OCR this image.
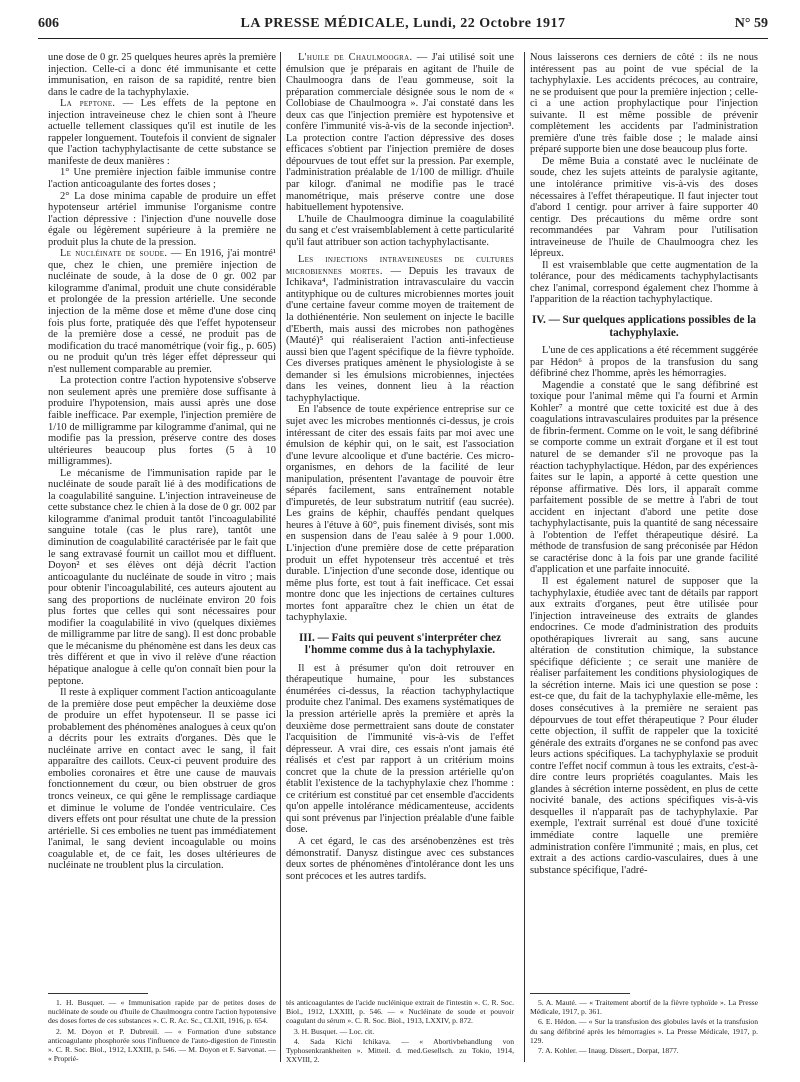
606	LA PRESSE MÉDICALE, Lundi, 22 Octobre 1917	N° 59

une dose de 0 gr. 25 quelques heures après la première injection. Celle-ci a donc été immunisante et cette immunisation, en raison de sa rapidité, rentre bien dans le cadre de la tachyphylaxie.

La peptone. — Les effets de la peptone en injection intraveineuse chez le chien sont à l'heure actuelle tellement classiques qu'il est inutile de les rappeler longuement. Toutefois il convient de signaler que l'action tachyphylactisante de cette substance se manifeste de deux manières :

1° Une première injection faible immunise contre l'action anticoagulante des fortes doses ;

2° La dose minima capable de produire un effet hypotenseur artériel immunise l'organisme contre l'action dépressive : l'injection d'une nouvelle dose égale ou légèrement supérieure à la première ne produit plus la chute de la pression.

Le nucléinate de soude. — En 1916, j'ai montré¹ que, chez le chien, une première injection de nucléinate de soude, à la dose de 0 gr. 002 par kilogramme d'animal, produit une chute considérable et prolongée de la pression artérielle. Une seconde injection de la même dose et même d'une dose cinq fois plus forte, pratiquée dès que l'effet hypotenseur de la première dose a cessé, ne produit pas de modification du tracé manométrique (voir fig., p. 605) ou ne produit qu'un très léger effet dépresseur qui n'est nullement comparable au premier.

La protection contre l'action hypotensive s'observe non seulement après une première dose suffisante à produire l'hypotension, mais aussi après une dose faible inefficace. Par exemple, l'injection première de 1/10 de milligramme par kilogramme d'animal, qui ne modifie pas la pression, préserve contre des doses ultérieures beaucoup plus fortes (5 à 10 milligrammes).

Le mécanisme de l'immunisation rapide par le nucléinate de soude paraît lié à des modifications de la coagulabilité sanguine. L'injection intraveineuse de cette substance chez le chien à la dose de 0 gr. 002 par kilogramme d'animal produit tantôt l'incoagulabilité sanguine totale (cas le plus rare), tantôt une diminution de coagulabilité caractérisée par le fait que le sang extravasé fournit un caillot mou et diffluent. Doyon² et ses élèves ont déjà décrit l'action anticoagulante du nucléinate de soude in vitro ; mais pour obtenir l'incoagulabilité, ces auteurs ajoutent au sang des proportions de nucléinate environ 20 fois plus fortes que celles qui sont nécessaires pour modifier la coagulabilité in vivo (quelques dixièmes de milligramme par litre de sang). Il est donc probable que le mécanisme du phénomène est dans les deux cas très différent et que in vivo il relève d'une réaction hépatique analogue à celle qu'on connaît bien pour la peptone.

Il reste à expliquer comment l'action anticoagulante de la première dose peut empêcher la deuxième dose de produire un effet hypotenseur. Il se passe ici probablement des phénomènes analogues à ceux qu'on a décrits pour les extraits d'organes. Dès que le nucléinate arrive en contact avec le sang, il fait apparaître des caillots. Ceux-ci peuvent produire des embolies coronaires et être une cause de mauvais fonctionnement du cœur, ou bien obstruer de gros troncs veineux, ce qui gêne le remplissage cardiaque et diminue le volume de l'ondée ventriculaire. Ces divers effets ont pour résultat une chute de la pression artérielle. Si ces embolies ne tuent pas immédiatement l'animal, le sang devient incoagulable ou moins coagulable et, de ce fait, les doses ultérieures de nucléinate ne troublent plus la circulation.

L'huile de Chaulmoogra. — J'ai utilisé soit une émulsion que je préparais en agitant de l'huile de Chaulmoogra dans de l'eau gommeuse, soit la préparation commerciale désignée sous le nom de « Collobiase de Chaulmoogra ». J'ai constaté dans les deux cas que l'injection première est hypotensive et confère l'immunité vis-à-vis de la seconde injection³. La protection contre l'action dépressive des doses efficaces s'obtient par l'injection première de doses dépourvues de tout effet sur la pression. Par exemple, l'administration préalable de 1/100 de milligr. d'huile par kilogr. d'animal ne modifie pas le tracé manométrique, mais préserve contre une dose habituellement hypotensive.

L'huile de Chaulmoogra diminue la coagulabilité du sang et c'est vraisemblablement à cette particularité qu'il faut attribuer son action tachyphylactisante.

Les injections intraveineuses de cultures microbiennes mortes. — Depuis les travaux de Ichikava⁴, l'administration intravasculaire du vaccin antityphique ou de cultures microbiennes mortes jouit d'une certaine faveur comme moyen de traitement de la dothiénentérie. Non seulement on injecte le bacille d'Eberth, mais aussi des microbes non pathogènes (Mauté)⁵ qui réaliseraient l'action anti-infectieuse aussi bien que l'agent spécifique de la fièvre typhoïde. Ces diverses pratiques amènent le physiologiste à se demander si les émulsions microbiennes, injectées dans les veines, donnent lieu à la réaction tachyphylactique.

En l'absence de toute expérience entreprise sur ce sujet avec les microbes mentionnés ci-dessus, je crois intéressant de citer des essais faits par moi avec une émulsion de képhir qui, on le sait, est l'association d'une levure alcoolique et d'une bactérie. Ces micro-organismes, en dehors de la facilité de leur manipulation, présentent l'avantage de pouvoir être séparés facilement, sans entraînement notable d'impuretés, de leur substratum nutritif (eau sucrée). Les grains de képhir, chauffés pendant quelques heures à l'étuve à 60°, puis finement divisés, sont mis en suspension dans de l'eau salée à 9 pour 1.000. L'injection d'une première dose de cette préparation produit un effet hypotenseur très accentué et très durable. L'injection d'une seconde dose, identique ou même plus forte, est tout à fait inefficace. Cet essai montre donc que les injections de certaines cultures mortes font apparaître chez le chien un état de tachyphylaxie.

III. — Faits qui peuvent s'interpréter chez l'homme comme dus à la tachyphylaxie.

Il est à présumer qu'on doit retrouver en thérapeutique humaine, pour les substances énumérées ci-dessus, la réaction tachyphylactique produite chez l'animal. Des examens systématiques de la pression artérielle après la première et après la deuxième dose permettraient sans doute de constater l'acquisition de l'immunité vis-à-vis de l'effet dépresseur. A vrai dire, ces essais n'ont jamais été réalisés et c'est par rapport à un critérium moins concret que la chute de la pression artérielle qu'on établit l'existence de la tachyphylaxie chez l'homme : ce critérium est constitué par cet ensemble d'accidents qu'on appelle intolérance médicamenteuse, accidents qui sont prévenus par l'injection préalable d'une faible dose.

A cet égard, le cas des arsénobenzènes est très démonstratif. Danysz distingue avec ces substances deux sortes de phénomènes d'intolérance dont les uns sont précoces et les autres tardifs.

Nous laisserons ces derniers de côté : ils ne nous intéressent pas au point de vue spécial de la tachyphylaxie. Les accidents précoces, au contraire, ne se produisent que pour la première injection ; celle-ci a une action prophylactique pour l'injection suivante. Il est même possible de prévenir complètement les accidents par l'administration première d'une très faible dose ; le malade ainsi préparé supporte bien une dose beaucoup plus forte.

De même Buia a constaté avec le nucléinate de soude, chez les sujets atteints de paralysie agitante, une intolérance primitive vis-à-vis des doses nécessaires à l'effet thérapeutique. Il faut injecter tout d'abord 1 centigr. pour arriver à faire supporter 40 centigr. Des précautions du même ordre sont recommandées par Vahram pour l'utilisation intraveineuse de l'huile de Chaulmoogra chez les lépreux.

Il est vraisemblable que cette augmentation de la tolérance, pour des médicaments tachyphylactisants chez l'animal, correspond également chez l'homme à l'apparition de la réaction tachyphylactique.

IV. — Sur quelques applications possibles de la tachyphylaxie.

L'une de ces applications a été récemment suggérée par Hédon⁶ à propos de la transfusion du sang défibriné chez l'homme, après les hémorragies.

Magendie a constaté que le sang défibriné est toxique pour l'animal même qui l'a fourni et Armin Kohler⁷ a montré que cette toxicité est due à des coagulations intravasculaires produites par la présence de fibrin-ferment. Comme on le voit, le sang défibriné se comporte comme un extrait d'organe et il est tout naturel de se demander s'il ne provoque pas la réaction tachyphylactique. Hédon, par des expériences faites sur le lapin, a apporté à cette question une réponse affirmative. Dès lors, il apparaît comme parfaitement possible de se mettre à l'abri de tout accident en injectant d'abord une petite dose tachyphylactisante, puis la quantité de sang nécessaire à l'obtention de l'effet thérapeutique désiré. La méthode de transfusion de sang préconisée par Hédon se caractérise donc à la fois par une grande facilité d'application et une parfaite innocuité.

Il est également naturel de supposer que la tachyphylaxie, étudiée avec tant de détails par rapport aux extraits d'organes, peut être utilisée pour l'injection intraveineuse des extraits de glandes endocrines. Ce mode d'administration des produits opothérapiques livrerait au sang, sans aucune altération de constitution chimique, la substance spécifique déficiente ; ce serait une manière de réaliser parfaitement les conditions physiologiques de la sécrétion interne. Mais ici une question se pose : est-ce que, du fait de la tachyphylaxie elle-même, les doses consécutives à la première ne seraient pas dépourvues de tout effet thérapeutique ? Pour éluder cette objection, il suffit de rappeler que la toxicité générale des extraits d'organes ne se confond pas avec leurs actions spécifiques. La tachyphylaxie se produit contre l'effet nocif commun à tous les extraits, c'est-à-dire contre leurs propriétés coagulantes. Mais les glandes à sécrétion interne possèdent, en plus de cette nocivité banale, des actions spécifiques vis-à-vis desquelles il n'apparaît pas de tachyphylaxie. Par exemple, l'extrait surrénal est doué d'une toxicité immédiate contre laquelle une première administration confère l'immunité ; mais, en plus, cet extrait a des actions cardio-vasculaires, dues à une substance spécifique, l'adré-

1. H. Busquet. — « Immunisation rapide par de petites doses de nucléinate de soude ou d'huile de Chaulmoogra contre l'action hypotensive des doses fortes de ces substances ». C. R. Ac. Sc., CLXII, 1916, p. 654.

2. M. Doyon et P. Dubreuil. — « Formation d'une substance anticoagulante phosphorée sous l'influence de l'auto-digestion de l'intestin ». C. R. Soc. Biol., 1912, LXXIII, p. 546. — M. Doyon et F. Sarvonat. — « Proprié-

tés anticoagulantes de l'acide nucléinique extrait de l'intestin ». C. R. Soc. Biol., 1912, LXXIII, p. 546. — « Nucléinate de soude et pouvoir coagulant du sérum ». C. R. Soc. Biol., 1913, LXXIV, p. 872.

3. H. Busquet. — Loc. cit.

4. Sada Kichi Ichikava. — « Abortivbehandlung von Typhosenkrankheiten ». Mitteil. d. med.Gesellsch. zu Tokio, 1914, XXVIII, 2.

5. A. Mauté. — « Traitement abortif de la fièvre typhoïde ». La Presse Médicale, 1917, p. 361.

6. E. Hédon. — « Sur la transfusion des globules lavés et la transfusion du sang défibriné après les hémorragies ». La Presse Médicale, 1917, p. 129.

7. A. Kohler. — Inaug. Dissert., Dorpat, 1877.
